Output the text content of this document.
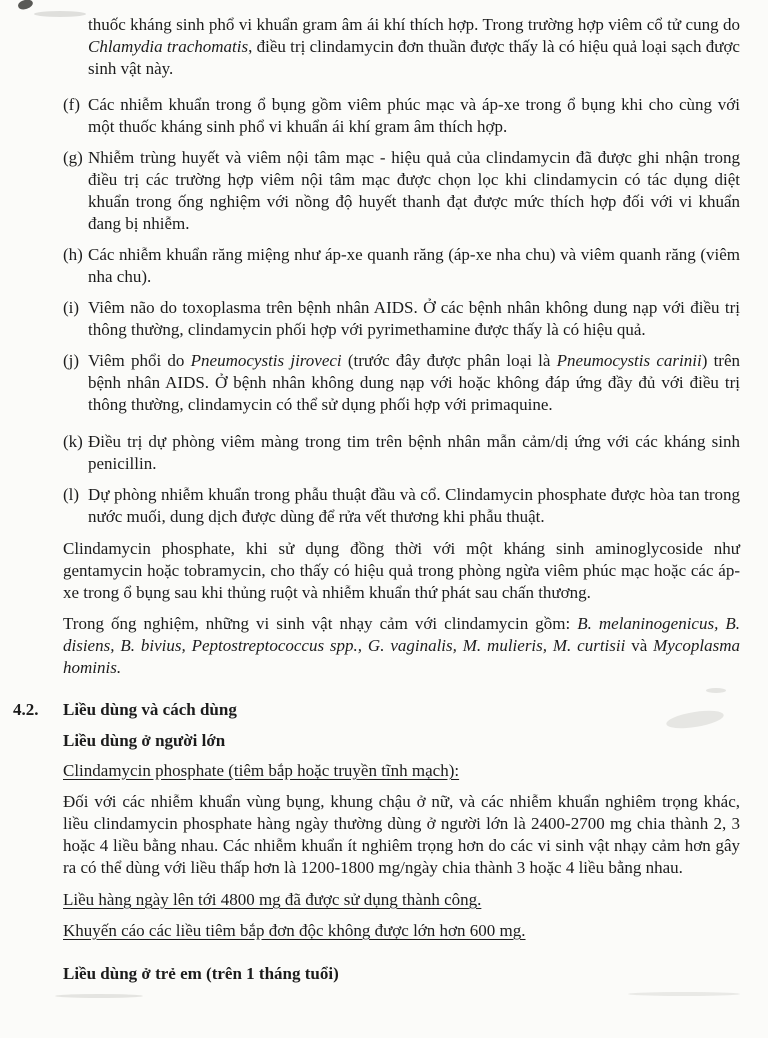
thuốc kháng sinh phổ vi khuẩn gram âm ái khí thích hợp. Trong trường hợp viêm cổ tử cung do Chlamydia trachomatis, điều trị clindamycin đơn thuần được thấy là có hiệu quả loại sạch được sinh vật này.

(f) Các nhiễm khuẩn trong ổ bụng gồm viêm phúc mạc và áp-xe trong ổ bụng khi cho cùng với một thuốc kháng sinh phổ vi khuẩn ái khí gram âm thích hợp.

(g) Nhiễm trùng huyết và viêm nội tâm mạc - hiệu quả của clindamycin đã được ghi nhận trong điều trị các trường hợp viêm nội tâm mạc được chọn lọc khi clindamycin có tác dụng diệt khuẩn trong ống nghiệm với nồng độ huyết thanh đạt được mức thích hợp đối với vi khuẩn đang bị nhiễm.

(h) Các nhiễm khuẩn răng miệng như áp-xe quanh răng (áp-xe nha chu) và viêm quanh răng (viêm nha chu).

(i) Viêm não do toxoplasma trên bệnh nhân AIDS. Ở các bệnh nhân không dung nạp với điều trị thông thường, clindamycin phối hợp với pyrimethamine được thấy là có hiệu quả.

(j) Viêm phổi do Pneumocystis jiroveci (trước đây được phân loại là Pneumocystis carinii) trên bệnh nhân AIDS. Ở bệnh nhân không dung nạp với hoặc không đáp ứng đầy đủ với điều trị thông thường, clindamycin có thể sử dụng phối hợp với primaquine.

(k) Điều trị dự phòng viêm màng trong tim trên bệnh nhân mẫn cảm/dị ứng với các kháng sinh penicillin.

(l) Dự phòng nhiễm khuẩn trong phẫu thuật đầu và cổ. Clindamycin phosphate được hòa tan trong nước muối, dung dịch được dùng để rửa vết thương khi phẫu thuật.

Clindamycin phosphate, khi sử dụng đồng thời với một kháng sinh aminoglycoside như gentamycin hoặc tobramycin, cho thấy có hiệu quả trong phòng ngừa viêm phúc mạc hoặc các áp-xe trong ổ bụng sau khi thủng ruột và nhiễm khuẩn thứ phát sau chấn thương.

Trong ống nghiệm, những vi sinh vật nhạy cảm với clindamycin gồm: B. melaninogenicus, B. disiens, B. bivius, Peptostreptococcus spp., G. vaginalis, M. mulieris, M. curtisii và Mycoplasma hominis.

4.2.	Liều dùng và cách dùng
Liều dùng ở người lớn
Clindamycin phosphate (tiêm bắp hoặc truyền tĩnh mạch):

Đối với các nhiễm khuẩn vùng bụng, khung chậu ở nữ, và các nhiễm khuẩn nghiêm trọng khác, liều clindamycin phosphate hàng ngày thường dùng ở người lớn là 2400-2700 mg chia thành 2, 3 hoặc 4 liều bằng nhau. Các nhiễm khuẩn ít nghiêm trọng hơn do các vi sinh vật nhạy cảm hơn gây ra có thể dùng với liều thấp hơn là 1200-1800 mg/ngày chia thành 3 hoặc 4 liều bằng nhau.

Liều hàng ngày lên tới 4800 mg đã được sử dụng thành công.
Khuyến cáo các liều tiêm bắp đơn độc không được lớn hơn 600 mg.
Liều dùng ở trẻ em (trên 1 tháng tuổi)
